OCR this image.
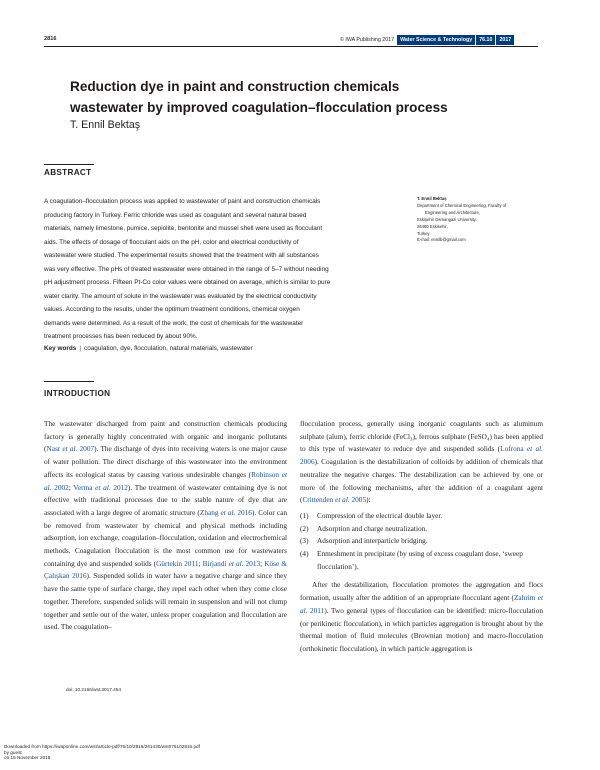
2816	© IWA Publishing 2017 Water Science & Technology 76.10 2017
Reduction dye in paint and construction chemicals
wastewater by improved coagulation–flocculation process
T. Ennil Bektaş
ABSTRACT

A coagulation–flocculation process was applied to wastewater of paint and construction chemicals

producing factory in Turkey. Ferric chloride was used as coagulant and several natural based

materials, namely limestone, pumice, sepiolite, bentonite and mussel shell were used as flocculant

aids. The effects of dosage of flocculant aids on the pH, color and electrical conductivity of

wastewater were studied. The experimental results showed that the treatment with all substances

was very effective. The pHs of treated wastewater were obtained in the range of 5–7 without needing

pH adjustment process. Fifteen Pt-Co color values were obtained on average, which is similar to pure

water clarity. The amount of solute in the wastewater was evaluated by the electrical conductivity

values. According to the results, under the optimum treatment conditions, chemical oxygen

demands were determined. As a result of the work, the cost of chemicals for the wastewater

treatment processes has been reduced by about 90%.

Key words | coagulation, dye, flocculation, natural materials, wastewater
T. Ennil Bektaş
Department of Chemical Engineering, Faculty of
Engineering and Architecture,
Eskişehir Osmangazi University,
26480 Eskisehir,
Turkey
E-mail: ennilb@gmail.com
INTRODUCTION

The wastewater discharged from paint and construction chemicals producing factory is generally highly concentrated with organic and inorganic pollutants (Nasr et al. 2007). The discharge of dyes into receiving waters is one major cause of water pollution. The direct discharge of this wastewater into the environment affects its ecological status by causing various undesirable changes (Robinson et al. 2002; Verma et al. 2012). The treatment of wastewater containing dye is not effective with traditional processes due to the stable nature of dye that are associated with a large degree of aromatic structure (Zhang et al. 2016). Color can be removed from wastewater by chemical and physical methods including adsorption, ion exchange, coagulation–flocculation, oxidation and electrochemical methods. Coagulation flocculation is the most common use for wastewaters containing dye and suspended solids (Gürtekin 2011; Birjandi et al. 2013; Köse & Çalışkan 2016). Suspended solids in water have a negative charge and since they have the same type of surface charge, they repel each other when they come close together. Therefore, suspended solids will remain in suspension and will not clump together and settle out of the water, unless proper coagulation and flocculation are used. The coagulation–

flocculation process, generally using inorganic coagulants such as aluminum sulphate (alum), ferric chloride (FeCl₃), ferrous sulphate (FeSO₄) has been applied to this type of wastewater to reduce dye and suspended solids (Lofrona et al. 2006). Coagulation is the destabilization of colloids by addition of chemicals that neutralize the negative charges. The destabilization can be achieved by one or more of the following mechanisms, after the addition of a coagulant agent (Crittenden et al. 2005):

(1)	Compression of the electrical double layer.
(2)	Adsorption and charge neutralization.
(3)	Adsorption and interparticle bridging.
(4)	Enmeshment in precipitate (by using of excess coagulant dose, ‘sweep flocculation’).

After the destabilization, flocculation promotes the aggregation and flocs formation, usually after the addition of an appropriate flocculant agent (Zahrim et al. 2011). Two general types of flocculation can be identified: micro-flocculation (or perikinetic flocculation), in which particles aggregation is brought about by the thermal motion of fluid molecules (Brownian motion) and macro-flocculation (orthokinetic flocculation), in which particle aggregation is

doi: 10.2166/wst.2017.454
Downloaded from https://iwaponline.com/wst/article-pdf/76/10/2816/241430/wst076102816.pdf
by guest
on 15 November 2018
